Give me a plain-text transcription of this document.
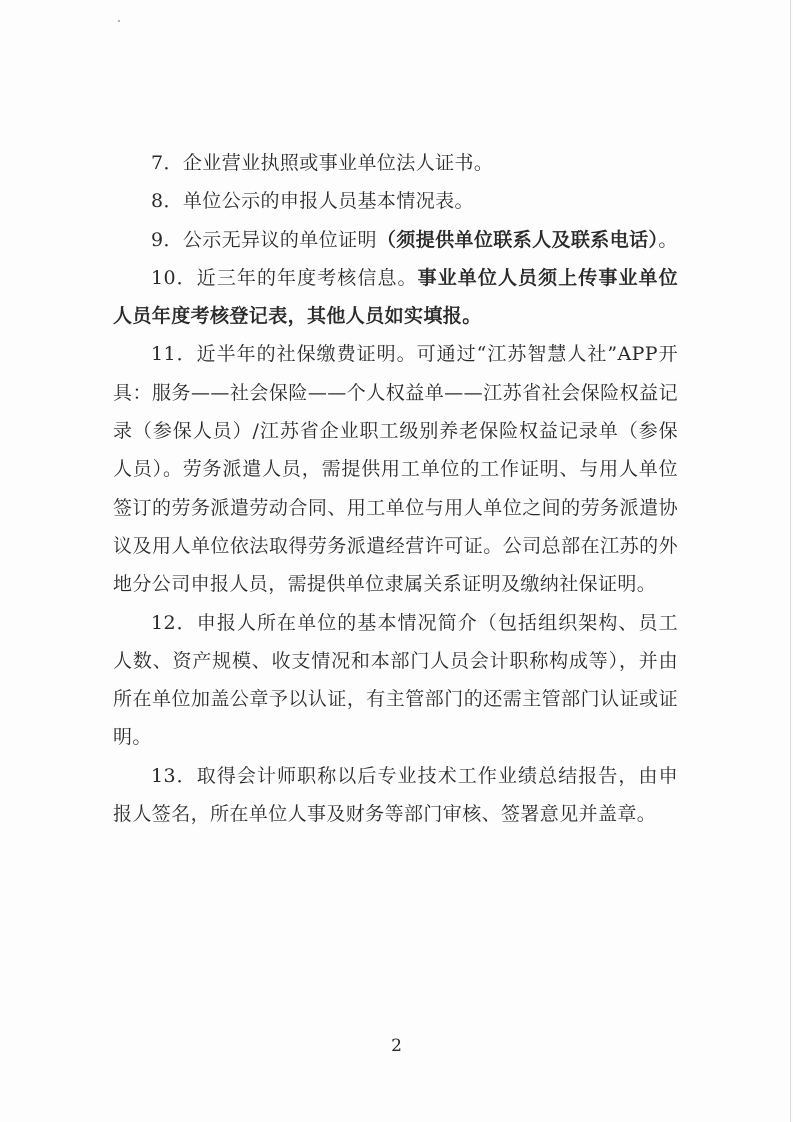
7．企业营业执照或事业单位法人证书。

8．单位公示的申报人员基本情况表。

9．公示无异议的单位证明（须提供单位联系人及联系电话）。

10．近三年的年度考核信息。事业单位人员须上传事业单位人员年度考核登记表，其他人员如实填报。

11．近半年的社保缴费证明。可通过“江苏智慧人社”APP开具：服务——社会保险——个人权益单——江苏省社会保险权益记录（参保人员）/江苏省企业职工级别养老保险权益记录单（参保人员）。劳务派遣人员，需提供用工单位的工作证明、与用人单位签订的劳务派遣劳动合同、用工单位与用人单位之间的劳务派遣协议及用人单位依法取得劳务派遣经营许可证。公司总部在江苏的外地分公司申报人员，需提供单位隶属关系证明及缴纳社保证明。

12．申报人所在单位的基本情况简介（包括组织架构、员工人数、资产规模、收支情况和本部门人员会计职称构成等），并由所在单位加盖公章予以认证，有主管部门的还需主管部门认证或证明。

13．取得会计师职称以后专业技术工作业绩总结报告，由申报人签名，所在单位人事及财务等部门审核、签署意见并盖章。

2
